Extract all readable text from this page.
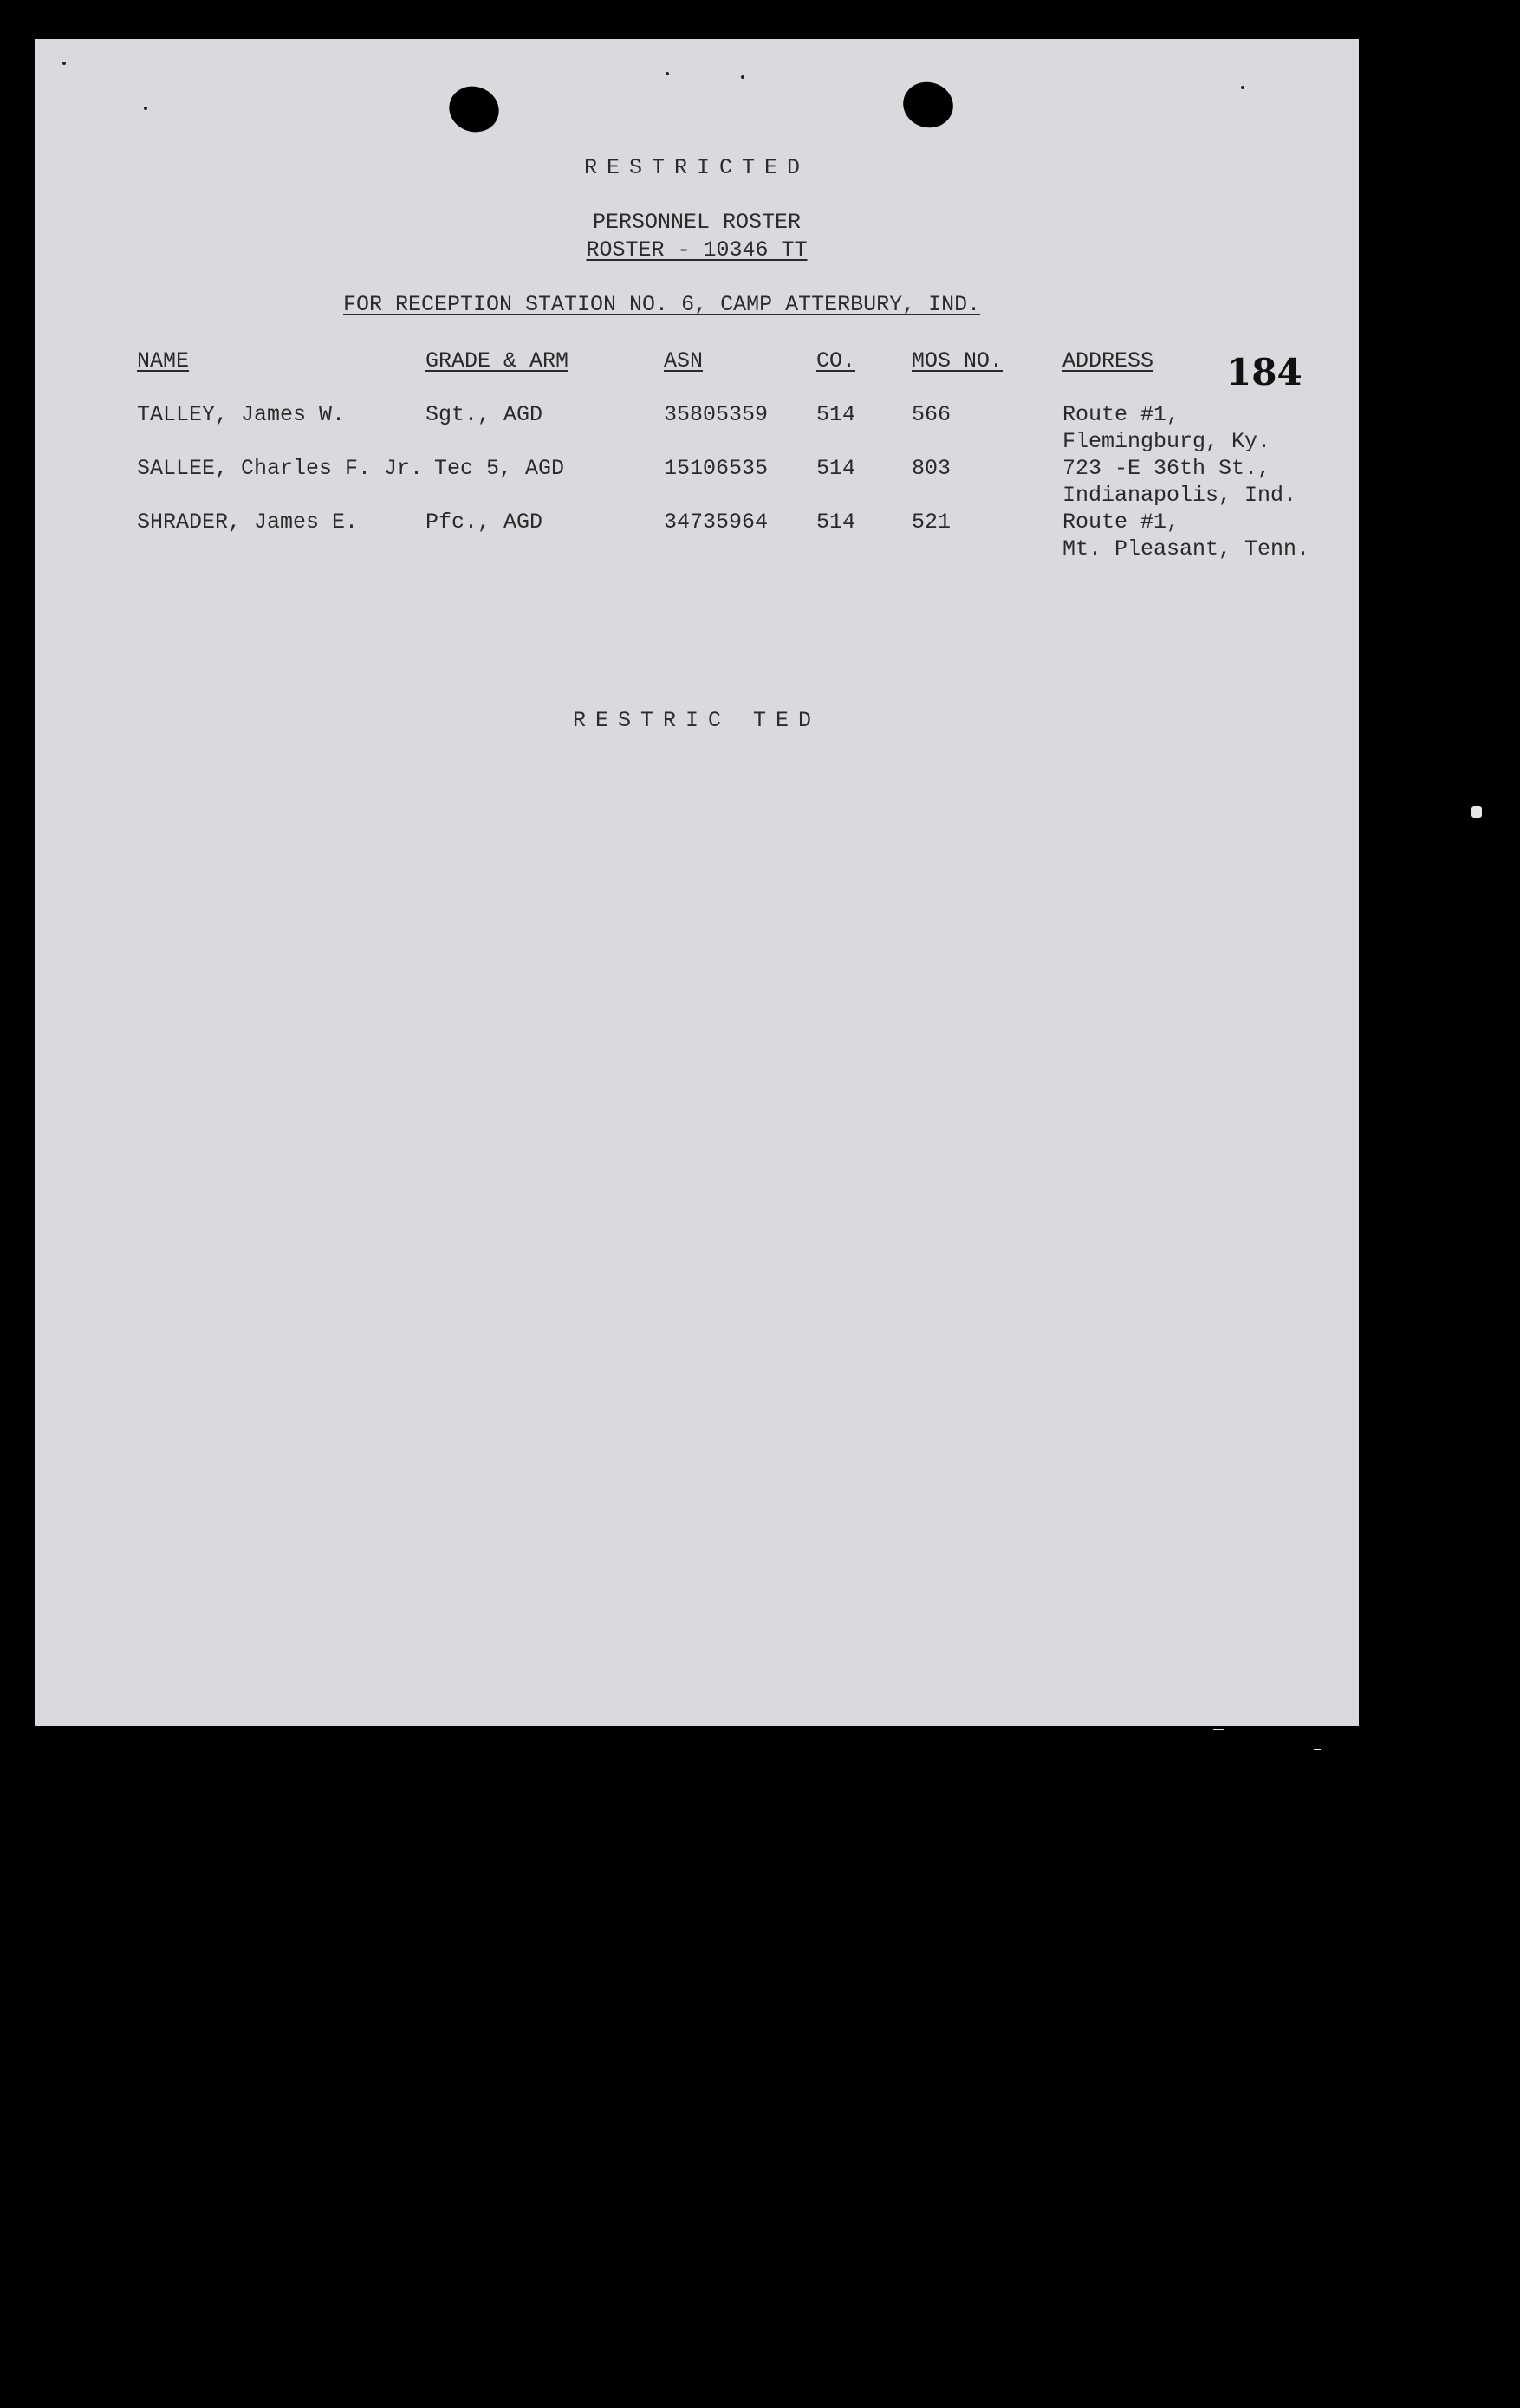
RESTRICTED
PERSONNEL ROSTER
ROSTER - 10346 TT
FOR RECEPTION STATION NO. 6, CAMP ATTERBURY, IND.
184
NAME	GRADE & ARM	ASN	CO.	MOS NO.	ADDRESS
TALLEY, James W.	Sgt., AGD	35805359 514	566	Route #1,
Flemingburg, Ky.
SALLEE, Charles F. Jr. Tec 5, AGD	15106535 514	803	723 -E 36th St.,
Indianapolis, Ind.
SHRADER, James E.	Pfc., AGD	34735964 514	521	Route #1,
Mt. Pleasant, Tenn.
RESTRIC TED
